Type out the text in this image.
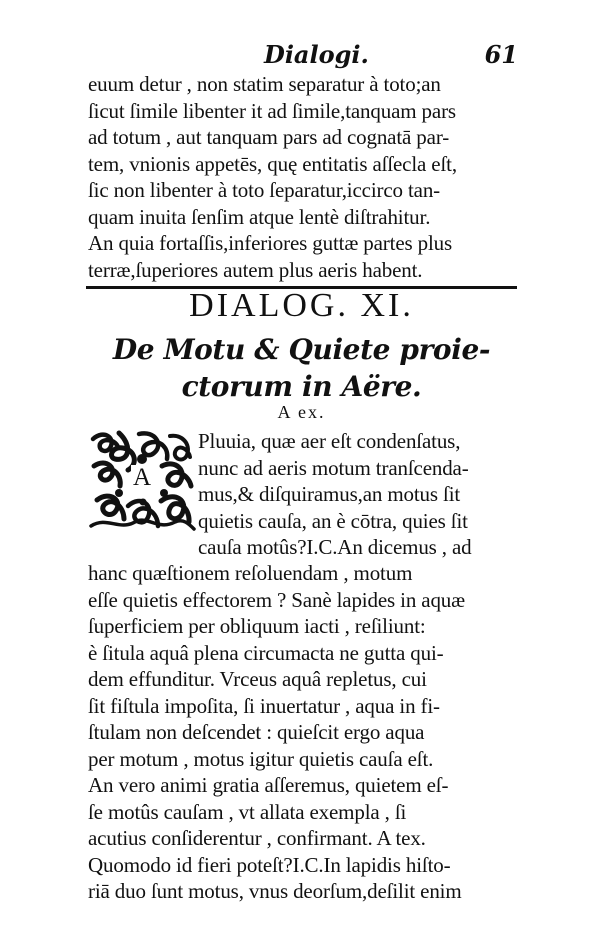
Dialogi.	61
euum detur , non statim separatur à toto;an
ſicut ſimile libenter it ad ſimile,tanquam pars
ad totum , aut tanquam pars ad cognatā par-
tem, vnionis appetēs, quę entitatis aſſecla eſt,
ſic non libenter à toto ſeparatur,iccirco tan-
quam inuita ſenſim atque lentè diſtrahitur.
An quia fortaſſis,inferiores guttæ partes plus
terræ,ſuperiores autem plus aeris habent.
DIALOG. XI.
De Motu & Quiete proie-
ctorum in Aëre.
A ex.
A
Pluuia, quæ aer eſt condenſatus,
nunc ad aeris motum tranſcenda-
mus,& diſquiramus,an motus ſit
quietis cauſa, an è cōtra, quies ſit
cauſa motûs?I.C.An dicemus , ad
hanc quæſtionem reſoluendam , motum
eſſe quietis effectorem ? Sanè lapides in aquæ
ſuperficiem per obliquum iacti , reſiliunt:
è ſitula aquâ plena circumacta ne gutta qui-
dem effunditur. Vrceus aquâ repletus, cui
ſit fiſtula impoſita, ſi inuertatur , aqua in fi-
ſtulam non deſcendet : quieſcit ergo aqua
per motum , motus igitur quietis cauſa eſt.
An vero animi gratia aſſeremus, quietem eſ-
ſe motûs cauſam , vt allata exempla , ſi
acutius conſiderentur , confirmant. A tex.
Quomodo id fieri poteſt?I.C.In lapidis hiſto-
riā duo ſunt motus, vnus deorſum,deſilit enim
